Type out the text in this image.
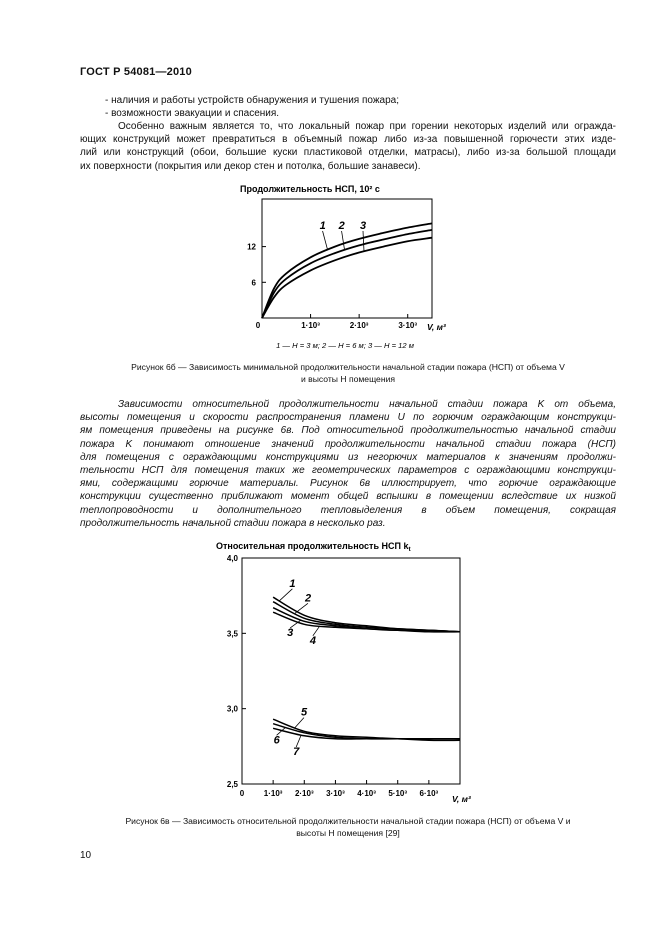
ГОСТ Р 54081—2010
- наличия и работы устройств обнаружения и тушения пожара;
- возможности эвакуации и спасения.
Особенно важным является то, что локальный пожар при горении некоторых изделий или огражда-
ющих конструкций может превратиться в объемный пожар либо из-за повышенной горючести этих изде-
лий или конструкций (обои, большие куски пластиковой отделки, матрасы), либо из-за большой площади
их поверхности (покрытия или декор стен и потолка, большие занавеси).
Продолжительность НСП, 10² с
0	1·10³	2·10³	3·10³
6
12
1 2 3
V, м³
1 — Н = 3 м; 2 — Н = 6 м; 3 — Н = 12 м
Рисунок 6б — Зависимость минимальной продолжительности начальной стадии пожара (НСП) от объема V
и высоты Н помещения
Зависимости относительной продолжительности начальной стадии пожара K от объема,
высоты помещения и скорости распространения пламени U по горючим ограждающим конструкци-
ям помещения приведены на рисунке 6в. Под относительной продолжительностью начальной стадии
пожара K понимают отношение значений продолжительности начальной стадии пожара (НСП)
для помещения с ограждающими конструкциями из негорючих материалов к значениям продолжи-
тельности НСП для помещения таких же геометрических параметров с ограждающими конструкци-
ями, содержащими горючие материалы. Рисунок 6в иллюстрирует, что горючие ограждающие
конструкции существенно приближают момент общей вспышки в помещении вследствие их низкой
теплопроводности и дополнительного тепловыделения в объем помещения, сокращая
продолжительность начальной стадии пожара в несколько раз.
Относительная продолжительность НСП $k_t$
0 1·10³ 2·10³ 3·10³ 4·10³ 5·10³ 6·10³
2,5
3,0
3,5
4,0
1
2
3
4
5
6
7
V, м³
Рисунок 6в — Зависимость относительной продолжительности начальной стадии пожара (НСП) от объема V и
высоты Н помещения [29]
10
